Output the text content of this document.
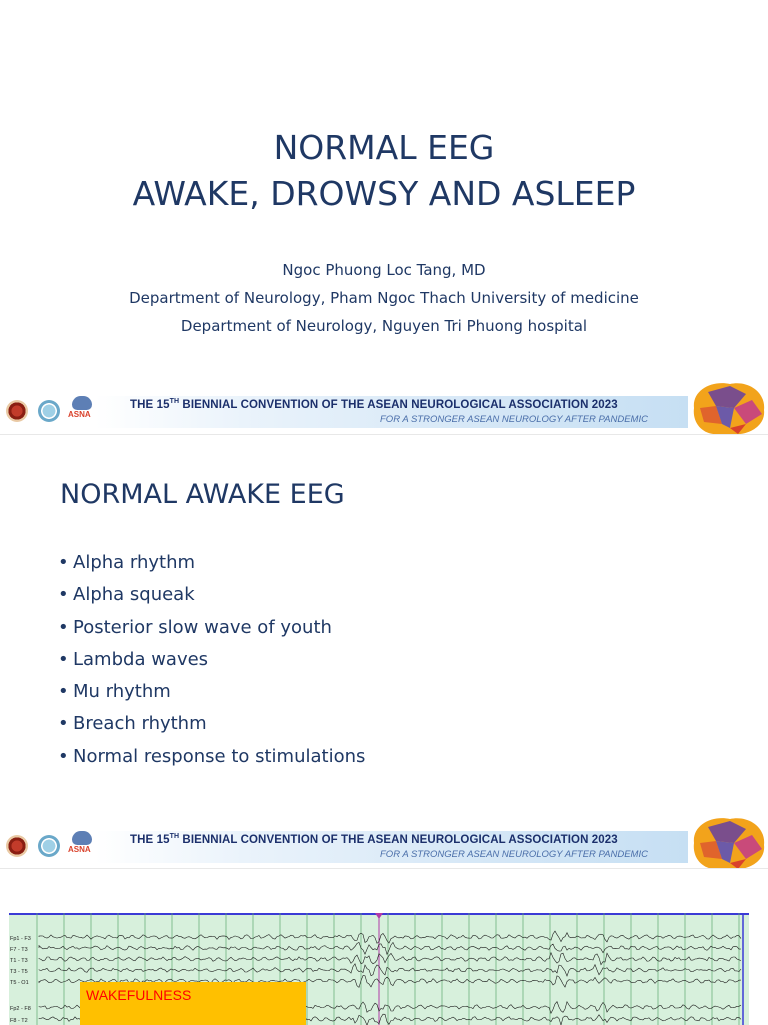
NORMAL EEG
AWAKE, DROWSY AND ASLEEP
Ngoc Phuong Loc Tang, MD
Department of Neurology, Pham Ngoc Thach University of medicine
Department of Neurology, Nguyen Tri Phuong hospital
ASNA
THE 15TH BIENNIAL CONVENTION OF THE ASEAN NEUROLOGICAL ASSOCIATION 2023
FOR A STRONGER ASEAN NEUROLOGY AFTER PANDEMIC
NORMAL AWAKE EEG
• Alpha rhythm
• Alpha squeak
• Posterior slow wave of youth
• Lambda waves
• Mu rhythm
• Breach rhythm
• Normal response to stimulations
ASNA
THE 15TH BIENNIAL CONVENTION OF THE ASEAN NEUROLOGICAL ASSOCIATION 2023
FOR A STRONGER ASEAN NEUROLOGY AFTER PANDEMIC
Fp1 - F3
F7 - T3
T1 - T3
T3 - T5
T5 - O1
Fp2 - F8
F8 - T2
WAKEFULNESS
